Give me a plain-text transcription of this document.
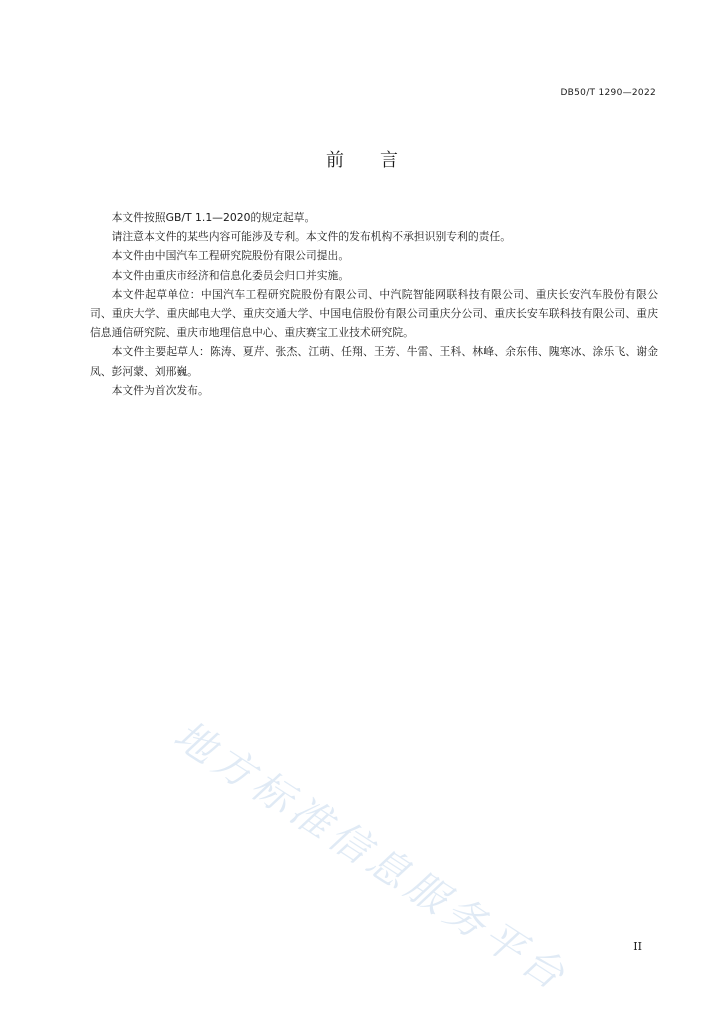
DB50/T 1290—2022
前言

本文件按照GB/T 1.1—2020的规定起草。

请注意本文件的某些内容可能涉及专利。本文件的发布机构不承担识别专利的责任。

本文件由中国汽车工程研究院股份有限公司提出。

本文件由重庆市经济和信息化委员会归口并实施。

本文件起草单位：中国汽车工程研究院股份有限公司、中汽院智能网联科技有限公司、重庆长安汽车股份有限公司、重庆大学、重庆邮电大学、重庆交通大学、中国电信股份有限公司重庆分公司、重庆长安车联科技有限公司、重庆信息通信研究院、重庆市地理信息中心、重庆赛宝工业技术研究院。

本文件主要起草人：陈涛、夏芹、张杰、江萌、任翔、王芳、牛雷、王科、林峰、余东伟、隗寒冰、涂乐飞、谢金凤、彭河蒙、刘邢巍。

本文件为首次发布。

地方标准信息服务平台	II
